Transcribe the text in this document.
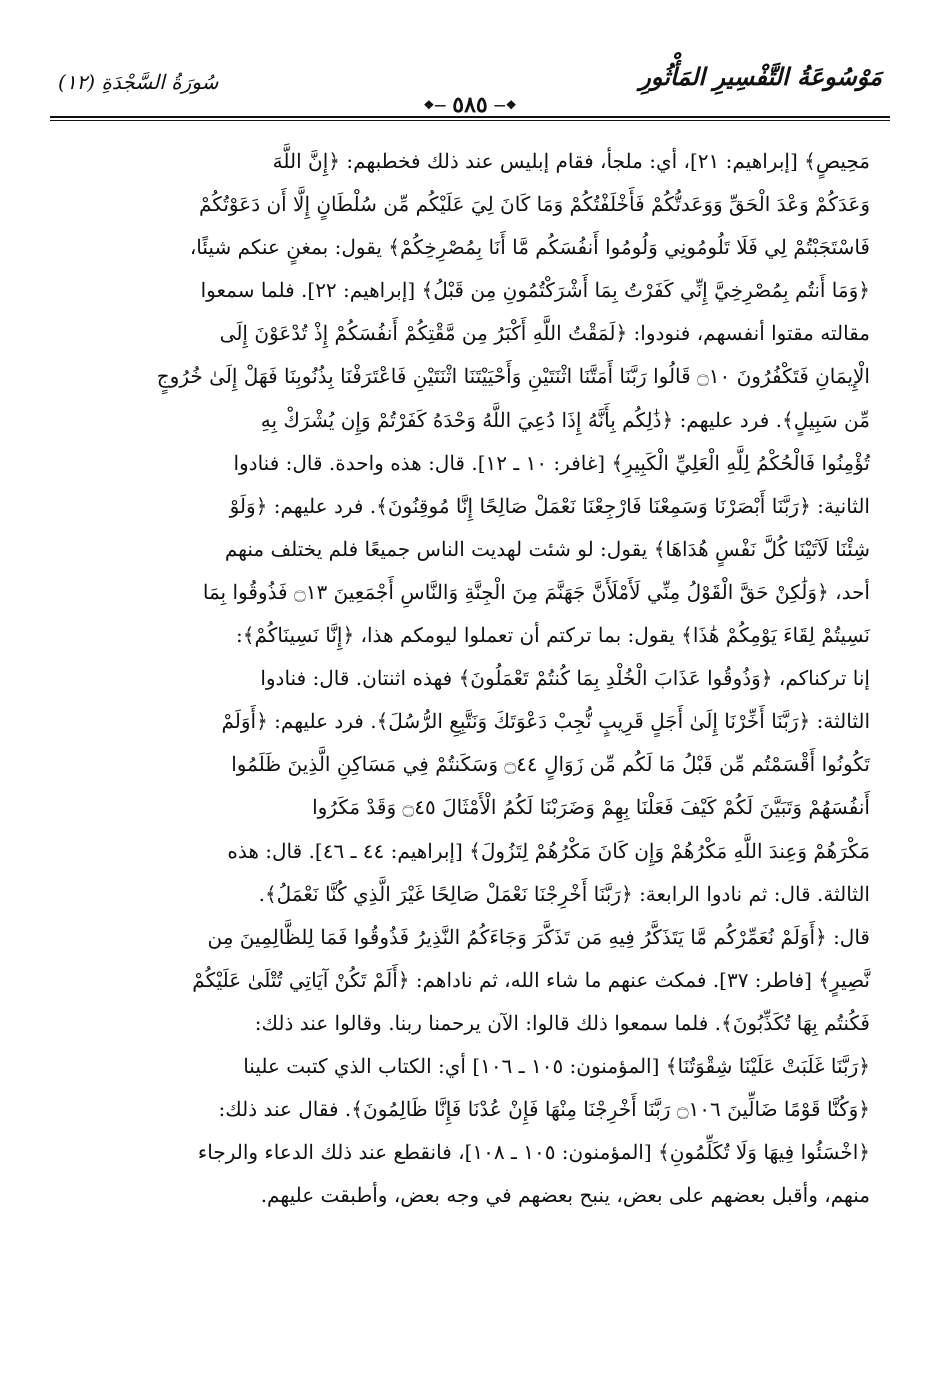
مَوْسُوعَةُ التَّفْسِيرِ المَأْثُورِ
سُورَةُ السَّجْدَةِ (١٢)
❖—
٥٨٥
—❖

مَحِيصٍ﴾ [إبراهيم: ٢١]، أي: ملجأ، فقام إبليس عند ذلك فخطبهم: ﴿إِنَّ اللَّهَ

وَعَدَكُمْ وَعْدَ الْحَقِّ وَوَعَدتُّكُمْ فَأَخْلَفْتُكُمْ وَمَا كَانَ لِيَ عَلَيْكُم مِّن سُلْطَانٍ إِلَّا أَن دَعَوْتُكُمْ

فَاسْتَجَبْتُمْ لِي فَلَا تَلُومُونِي وَلُومُوا أَنفُسَكُم مَّا أَنَا بِمُصْرِخِكُمْ﴾ يقول: بمغنٍ عنكم شيئًا،

﴿وَمَا أَنتُم بِمُصْرِخِيَّ إِنِّي كَفَرْتُ بِمَا أَشْرَكْتُمُونِ مِن قَبْلُ﴾ [إبراهيم: ٢٢]. فلما سمعوا

مقالته مقتوا أنفسهم، فنودوا: ﴿لَمَقْتُ اللَّهِ أَكْبَرُ مِن مَّقْتِكُمْ أَنفُسَكُمْ إِذْ تُدْعَوْنَ إِلَى

الْإِيمَانِ فَتَكْفُرُونَ ۝١٠ قَالُوا رَبَّنَا أَمَتَّنَا اثْنَتَيْنِ وَأَحْيَيْتَنَا اثْنَتَيْنِ فَاعْتَرَفْنَا بِذُنُوبِنَا فَهَلْ إِلَىٰ خُرُوجٍ

مِّن سَبِيلٍ﴾. فرد عليهم: ﴿ذَٰلِكُم بِأَنَّهُ إِذَا دُعِيَ اللَّهُ وَحْدَهُ كَفَرْتُمْ وَإِن يُشْرَكْ بِهِ

تُؤْمِنُوا فَالْحُكْمُ لِلَّهِ الْعَلِيِّ الْكَبِيرِ﴾ [غافر: ١٠ ـ ١٢]. قال: هذه واحدة. قال: فنادوا

الثانية: ﴿رَبَّنَا أَبْصَرْنَا وَسَمِعْنَا فَارْجِعْنَا نَعْمَلْ صَالِحًا إِنَّا مُوقِنُونَ﴾. فرد عليهم: ﴿وَلَوْ

شِئْنَا لَآتَيْنَا كُلَّ نَفْسٍ هُدَاهَا﴾ يقول: لو شئت لهديت الناس جميعًا فلم يختلف منهم

أحد، ﴿وَلَٰكِنْ حَقَّ الْقَوْلُ مِنِّي لَأَمْلَأَنَّ جَهَنَّمَ مِنَ الْجِنَّةِ وَالنَّاسِ أَجْمَعِينَ ۝١٣ فَذُوقُوا بِمَا

نَسِيتُمْ لِقَاءَ يَوْمِكُمْ هَٰذَا﴾ يقول: بما تركتم أن تعملوا ليومكم هذا، ﴿إِنَّا نَسِينَاكُمْ﴾:

إنا تركناكم، ﴿وَذُوقُوا عَذَابَ الْخُلْدِ بِمَا كُنتُمْ تَعْمَلُونَ﴾ فهذه اثنتان. قال: فنادوا

الثالثة: ﴿رَبَّنَا أَخِّرْنَا إِلَىٰ أَجَلٍ قَرِيبٍ نُّجِبْ دَعْوَتَكَ وَنَتَّبِعِ الرُّسُلَ﴾. فرد عليهم: ﴿أَوَلَمْ

تَكُونُوا أَقْسَمْتُم مِّن قَبْلُ مَا لَكُم مِّن زَوَالٍ ۝٤٤ وَسَكَنتُمْ فِي مَسَاكِنِ الَّذِينَ ظَلَمُوا

أَنفُسَهُمْ وَتَبَيَّنَ لَكُمْ كَيْفَ فَعَلْنَا بِهِمْ وَضَرَبْنَا لَكُمُ الْأَمْثَالَ ۝٤٥ وَقَدْ مَكَرُوا

مَكْرَهُمْ وَعِندَ اللَّهِ مَكْرُهُمْ وَإِن كَانَ مَكْرُهُمْ لِتَزُولَ﴾ [إبراهيم: ٤٤ ـ ٤٦]. قال: هذه

الثالثة. قال: ثم نادوا الرابعة: ﴿رَبَّنَا أَخْرِجْنَا نَعْمَلْ صَالِحًا غَيْرَ الَّذِي كُنَّا نَعْمَلُ﴾.

قال: ﴿أَوَلَمْ نُعَمِّرْكُم مَّا يَتَذَكَّرُ فِيهِ مَن تَذَكَّرَ وَجَاءَكُمُ النَّذِيرُ فَذُوقُوا فَمَا لِلظَّالِمِينَ مِن

نَّصِيرٍ﴾ [فاطر: ٣٧]. فمكث عنهم ما شاء الله، ثم ناداهم: ﴿أَلَمْ تَكُنْ آيَاتِي تُتْلَىٰ عَلَيْكُمْ

فَكُنتُم بِهَا تُكَذِّبُونَ﴾. فلما سمعوا ذلك قالوا: الآن يرحمنا ربنا. وقالوا عند ذلك:

﴿رَبَّنَا غَلَبَتْ عَلَيْنَا شِقْوَتُنَا﴾ [المؤمنون: ١٠٥ ـ ١٠٦] أي: الكتاب الذي كتبت علينا

﴿وَكُنَّا قَوْمًا ضَالِّينَ ۝١٠٦ رَبَّنَا أَخْرِجْنَا مِنْهَا فَإِنْ عُدْنَا فَإِنَّا ظَالِمُونَ﴾. فقال عند ذلك:

﴿اخْسَئُوا فِيهَا وَلَا تُكَلِّمُونِ﴾ [المؤمنون: ١٠٥ ـ ١٠٨]، فانقطع عند ذلك الدعاء والرجاء

منهم، وأقبل بعضهم على بعض، ينبح بعضهم في وجه بعض، وأطبقت عليهم.
